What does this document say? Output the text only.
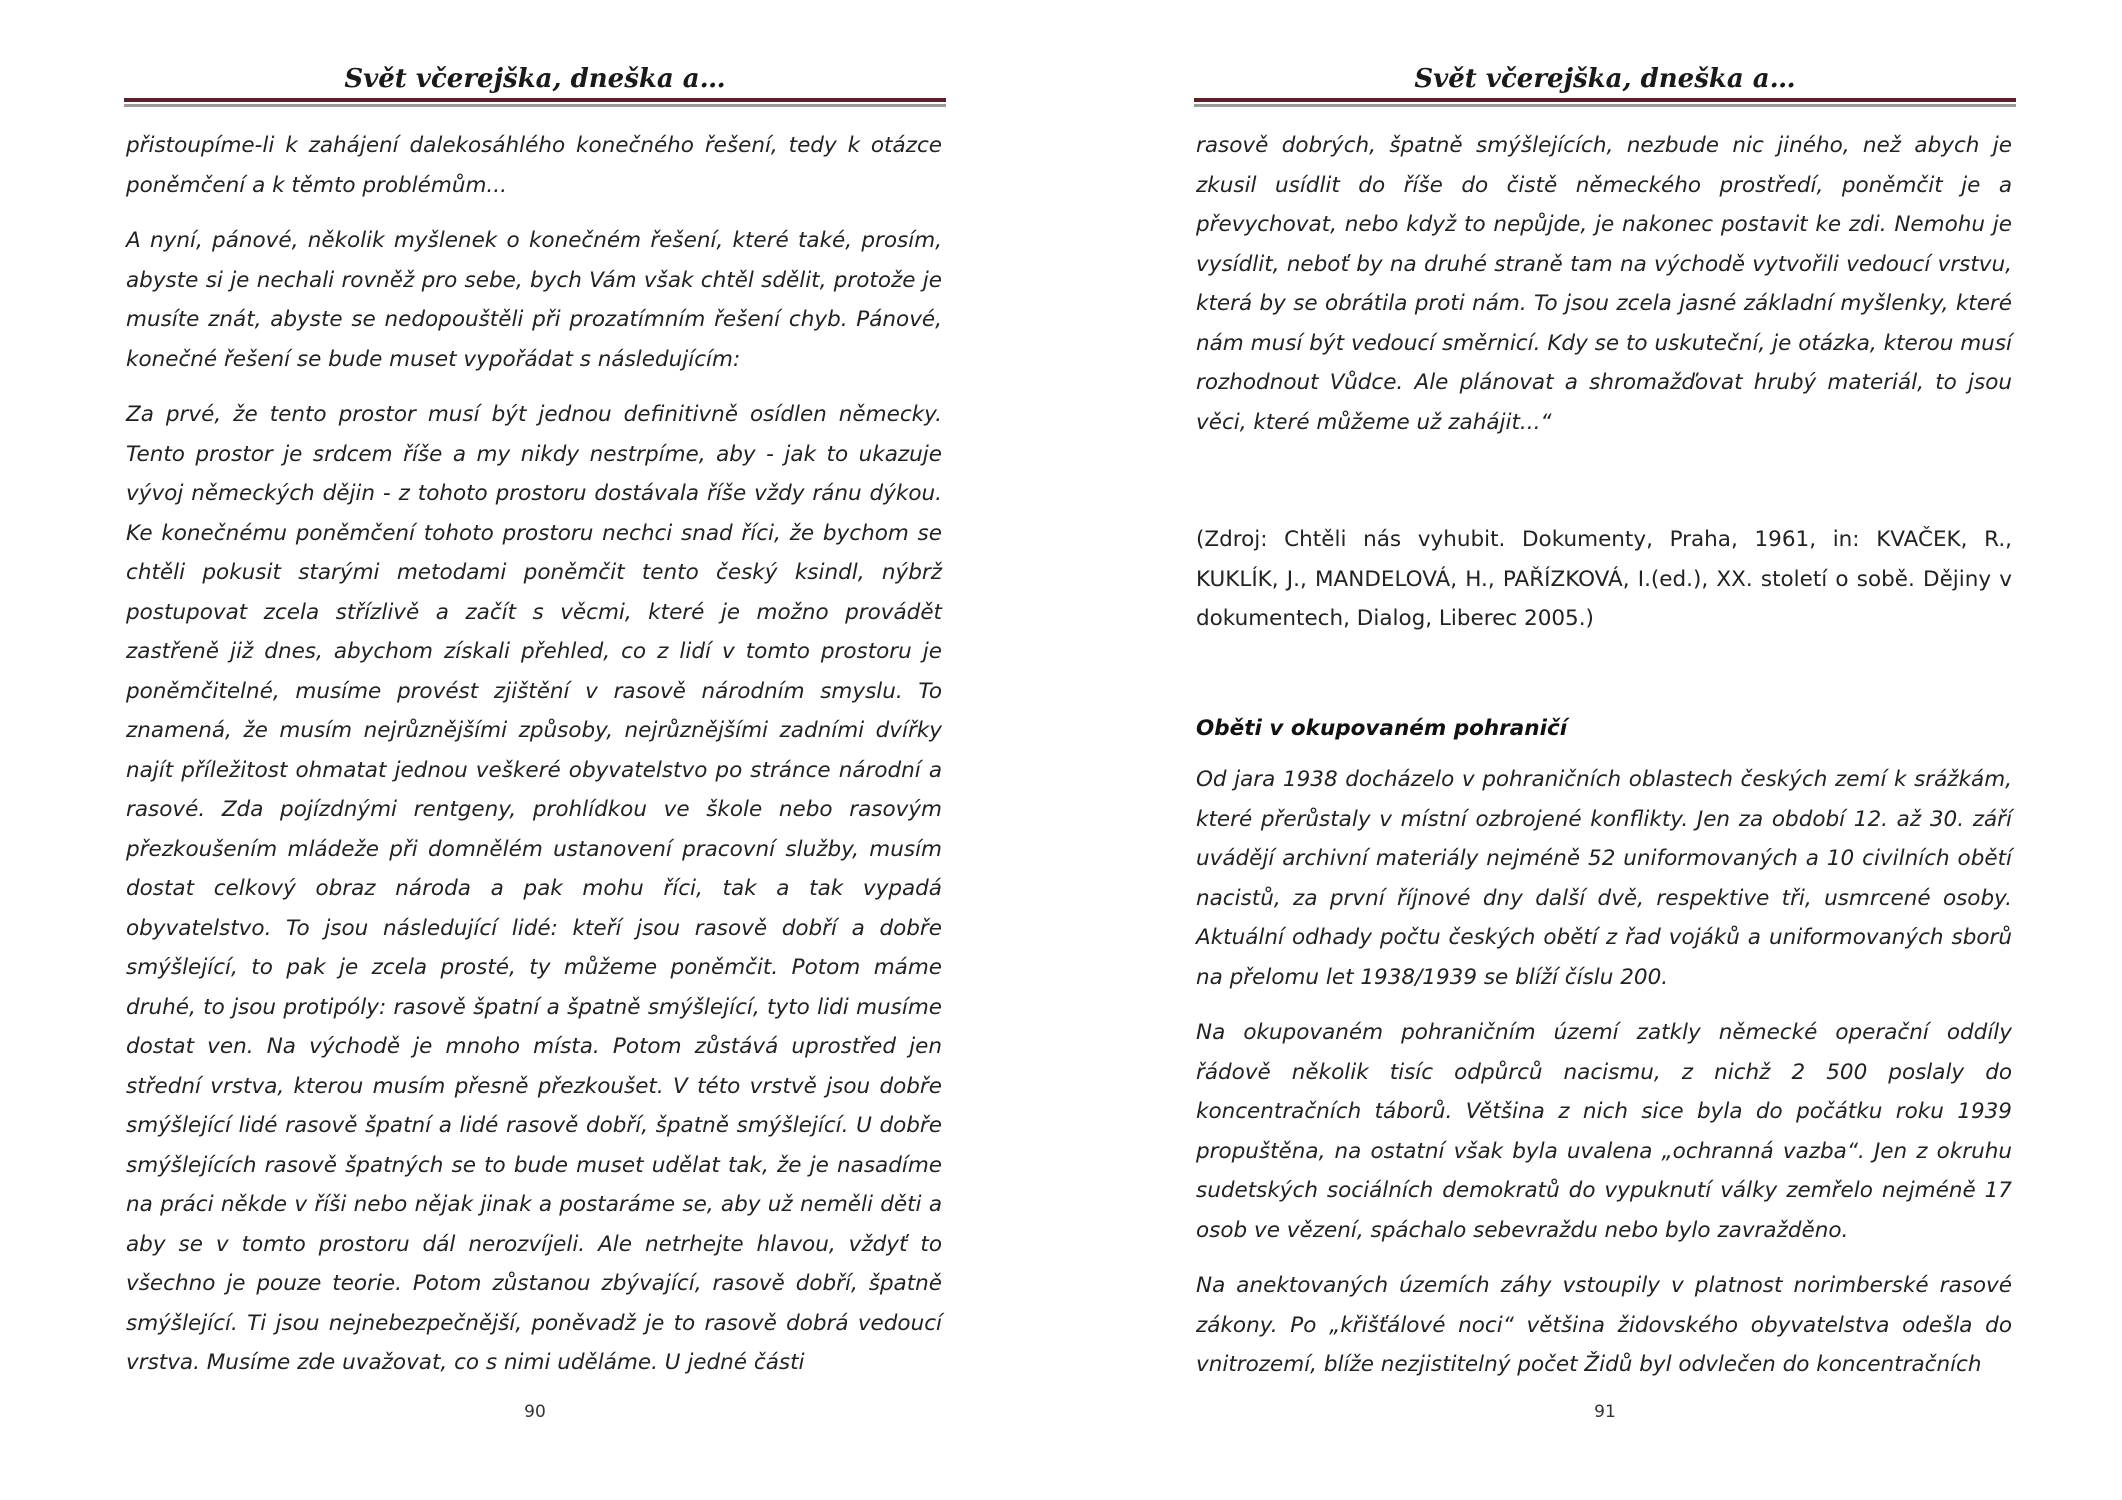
Svět včerejška, dneška a…

přistoupíme-li k zahájení dalekosáhlého konečného řešení, tedy k otázce poněmčení a k těmto problémům...

A nyní, pánové, několik myšlenek o konečném řešení, které také, prosím, abyste si je nechali rovněž pro sebe, bych Vám však chtěl sdělit, protože je musíte znát, abyste se nedopouštěli při prozatímním řešení chyb. Pánové, konečné řešení se bude muset vypořádat s následujícím:

Za prvé, že tento prostor musí být jednou definitivně osídlen německy. Tento prostor je srdcem říše a my nikdy nestrpíme, aby - jak to ukazuje vývoj německých dějin - z tohoto prostoru dostávala říše vždy ránu dýkou. Ke konečnému poněmčení tohoto prostoru nechci snad říci, že bychom se chtěli pokusit starými metodami poněmčit tento český ksindl, nýbrž postupovat zcela střízlivě a začít s věcmi, které je možno provádět zastřeně již dnes, abychom získali přehled, co z lidí v tomto prostoru je poněmčitelné, musíme provést zjištění v rasově národním smyslu. To znamená, že musím nejrůznějšími způsoby, nejrůznějšími zadními dvířky najít příležitost ohmatat jednou veškeré obyvatelstvo po stránce národní a rasové. Zda pojízdnými rentgeny, prohlídkou ve škole nebo rasovým přezkoušením mládeže při domnělém ustanovení pracovní služby, musím dostat celkový obraz národa a pak mohu říci, tak a tak vypadá obyvatelstvo. To jsou následující lidé: kteří jsou rasově dobří a dobře smýšlející, to pak je zcela prosté, ty můžeme poněmčit. Potom máme druhé, to jsou protipóly: rasově špatní a špatně smýšlející, tyto lidi musíme dostat ven. Na východě je mnoho místa. Potom zůstává uprostřed jen střední vrstva, kterou musím přesně přezkoušet. V této vrstvě jsou dobře smýšlející lidé rasově špatní a lidé rasově dobří, špatně smýšlející. U dobře smýšlejících rasově špatných se to bude muset udělat tak, že je nasadíme na práci někde v říši nebo nějak jinak a postaráme se, aby už neměli děti a aby se v tomto prostoru dál nerozvíjeli. Ale netrhejte hlavou, vždyť to všechno je pouze teorie. Potom zůstanou zbývající, rasově dobří, špatně smýšlející. Ti jsou nejnebezpečnější, poněvadž je to rasově dobrá vedoucí vrstva. Musíme zde uvažovat, co s nimi uděláme. U jedné části

90
Svět včerejška, dneška a…

rasově dobrých, špatně smýšlejících, nezbude nic jiného, než abych je zkusil usídlit do říše do čistě německého prostředí, poněmčit je a převychovat, nebo když to nepůjde, je nakonec postavit ke zdi. Nemohu je vysídlit, neboť by na druhé straně tam na východě vytvořili vedoucí vrstvu, která by se obrátila proti nám. To jsou zcela jasné základní myšlenky, které nám musí být vedoucí směrnicí. Kdy se to uskuteční, je otázka, kterou musí rozhodnout Vůdce. Ale plánovat a shromažďovat hrubý materiál, to jsou věci, které můžeme už zahájit...“

(Zdroj: Chtěli nás vyhubit. Dokumenty, Praha, 1961, in: KVAČEK, R., KUKLÍK, J., MANDELOVÁ, H., PAŘÍZKOVÁ, I.(ed.), XX. století o sobě. Dějiny v dokumentech, Dialog, Liberec 2005.)

Oběti v okupovaném pohraničí

Od jara 1938 docházelo v pohraničních oblastech českých zemí k srážkám, které přerůstaly v místní ozbrojené konflikty. Jen za období 12. až 30. září uvádějí archivní materiály nejméně 52 uniformovaných a 10 civilních obětí nacistů, za první říjnové dny další dvě, respektive tři, usmrcené osoby. Aktuální odhady počtu českých obětí z řad vojáků a uniformovaných sborů na přelomu let 1938/1939 se blíží číslu 200.

Na okupovaném pohraničním území zatkly německé operační oddíly řádově několik tisíc odpůrců nacismu, z nichž 2 500 poslaly do koncentračních táborů. Většina z nich sice byla do počátku roku 1939 propuštěna, na ostatní však byla uvalena „ochranná vazba“. Jen z okruhu sudetských sociálních demokratů do vypuknutí války zemřelo nejméně 17 osob ve vězení, spáchalo sebevraždu nebo bylo zavražděno.

Na anektovaných územích záhy vstoupily v platnost norimberské rasové zákony. Po „křišťálové noci“ většina židovského obyvatelstva odešla do vnitrozemí, blíže nezjistitelný počet Židů byl odvlečen do koncentračních

91
